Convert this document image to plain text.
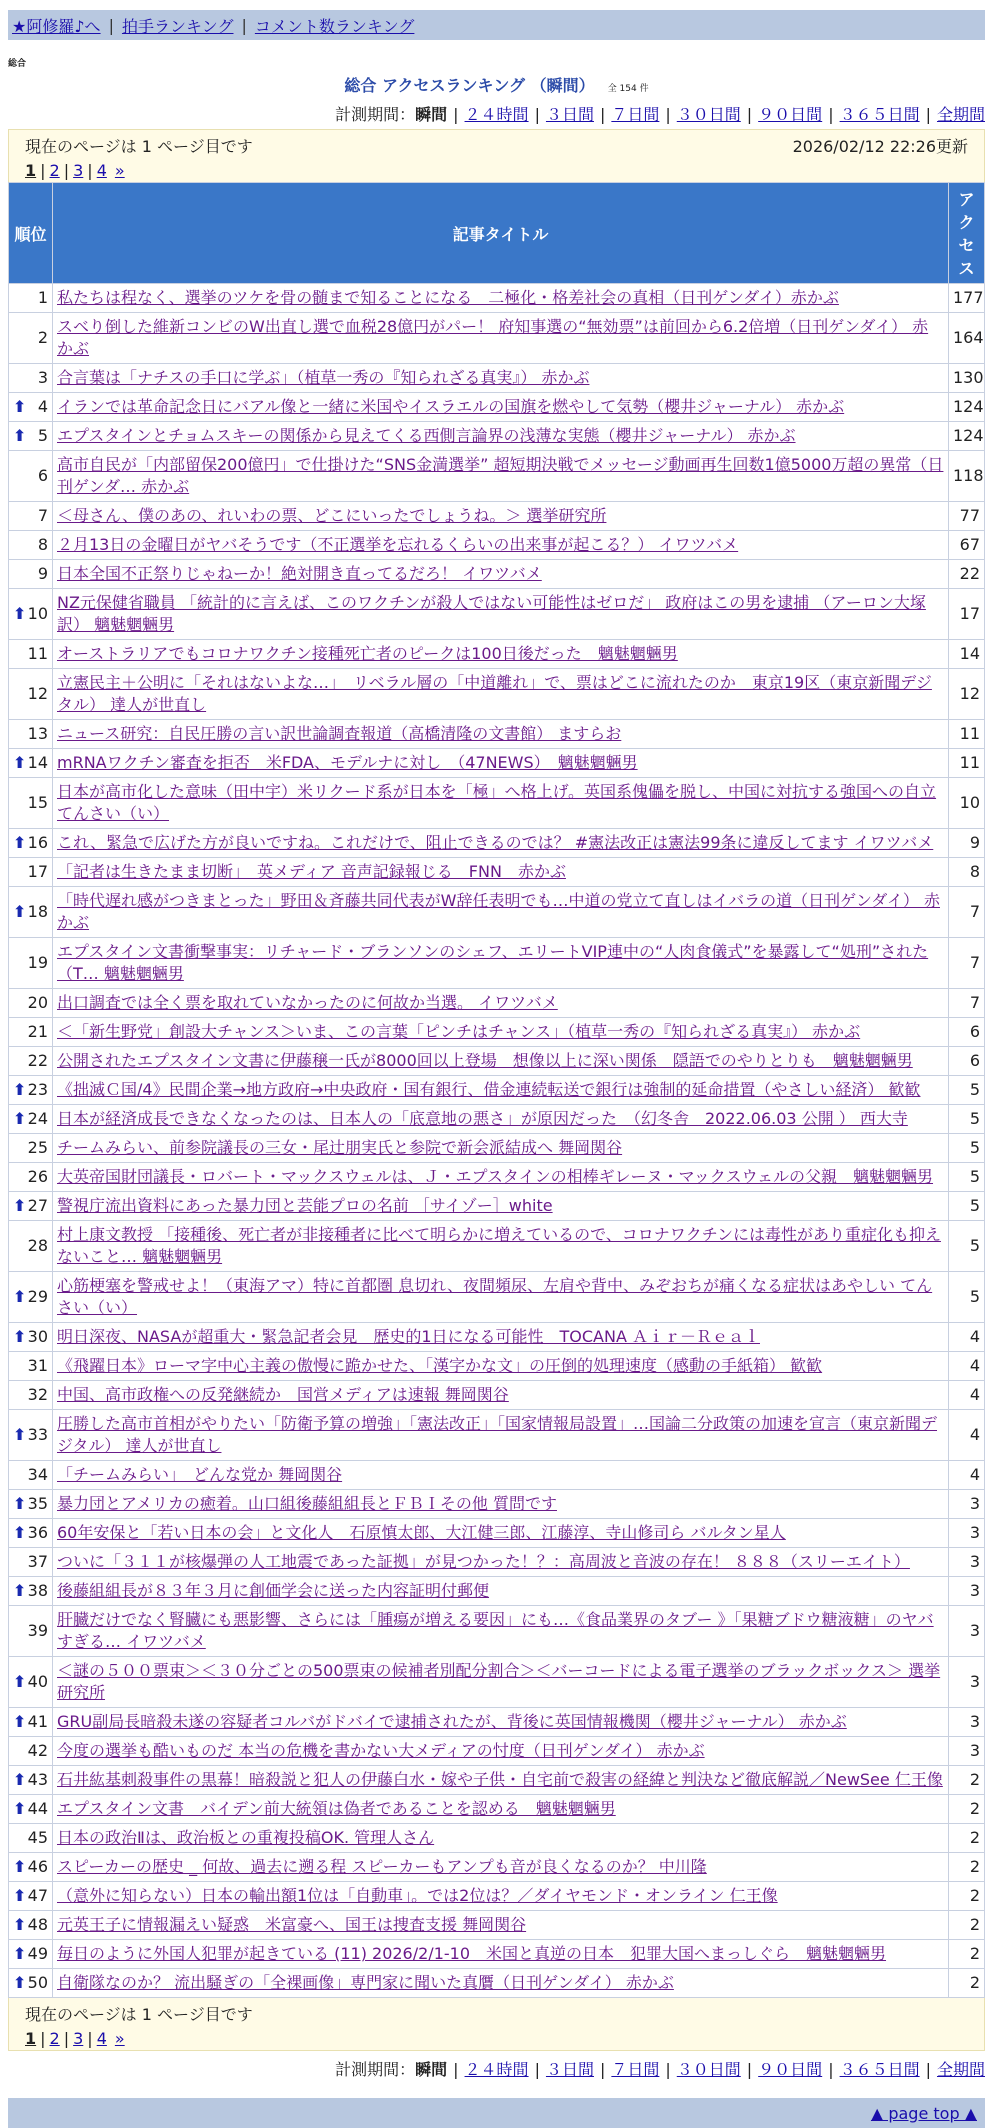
★阿修羅♪へ | 拍手ランキング | コメント数ランキング
総合
総合 アクセスランキング （瞬間） 全 154 件
計測期間：瞬間 | ２４時間 | ３日間 | ７日間 | ３０日間 | ９０日間 | ３６５日間 | 全期間
現在のページは 1 ページ目です	2026/02/12 22:26更新
1 | 2 | 3 | 4 »
順位	記事タイトル	アクセス
1	私たちは程なく、選挙のツケを骨の髄まで知ることになる　二極化・格差社会の真相（日刊ゲンダイ）赤かぶ	177
2	スベり倒した維新コンビのW出直し選で血税28億円がパー！ 府知事選の“無効票”は前回から6.2倍増（日刊ゲンダイ） 赤かぶ	164
3	合言葉は「ナチスの手口に学ぶ」（植草一秀の『知られざる真実』） 赤かぶ	130

⬆ 4	イランでは革命記念日にバアル像と一緒に米国やイスラエルの国旗を燃やして気勢（櫻井ジャーナル） 赤かぶ	124

⬆ 5	エプスタインとチョムスキーの関係から見えてくる西側言論界の浅薄な実態（櫻井ジャーナル） 赤かぶ	124
6	高市自民が「内部留保200億円」で仕掛けた“SNS金満選挙” 超短期決戦でメッセージ動画再生回数1億5000万超の異常（日刊ゲンダ… 赤かぶ	118
7	＜母さん、僕のあの、れいわの票、どこにいったでしょうね。＞ 選挙研究所	77
8	２月13日の金曜日がヤバそうです（不正選挙を忘れるくらいの出来事が起こる？） イワツバメ	67
9	日本全国不正祭りじゃねーか！絶対開き直ってるだろ！ イワツバメ	22

⬆ 10	NZ元保健省職員 「統計的に言えば、このワクチンが殺人ではない可能性はゼロだ」 政府はこの男を逮捕 （アーロン大塚訳） 魑魅魍魎男	17
11	オーストラリアでもコロナワクチン接種死亡者のピークは100日後だった　魑魅魍魎男	14
12	立憲民主＋公明に「それはないよな…」　リベラル層の「中道離れ」で、票はどこに流れたのか　東京19区（東京新聞デジタル） 達人が世直し	12
13	ニュース研究：自民圧勝の言い訳世論調査報道（高橋清隆の文書館） ますらお	11

⬆ 14	mRNAワクチン審査を拒否　米FDA、モデルナに対し　（47NEWS）　魑魅魍魎男	11
15	日本が高市化した意味（田中宇）米リクード系が日本を「極」へ格上げ。英国系傀儡を脱し、中国に対抗する強国への自立てんさい（い）	10

⬆ 16	これ、緊急で広げた方が良いですね。これだけで、阻止できるのでは？ #憲法改正は憲法99条に違反してます イワツバメ	9
17	「記者は生きたまま切断」　英メディア 音声記録報じる　FNN　赤かぶ	8

⬆ 18	「時代遅れ感がつきまとった」野田＆斉藤共同代表がW辞任表明でも…中道の党立て直しはイバラの道（日刊ゲンダイ） 赤かぶ	7
19	エプスタイン文書衝撃事実：リチャード・ブランソンのシェフ、エリートVIP連中の“人肉食儀式”を暴露して“処刑”された（T… 魑魅魍魎男	7
20	出口調査では全く票を取れていなかったのに何故か当選。 イワツバメ	7
21	＜「新生野党」創設大チャンス＞いま、この言葉「ピンチはチャンス」（植草一秀の『知られざる真実』） 赤かぶ	6
22	公開されたエプスタイン文書に伊藤穣一氏が8000回以上登場　想像以上に深い関係　隠語でのやりとりも　魑魅魍魎男	6

⬆ 23	《拙滅Ｃ国/4》民間企業→地方政府→中央政府・国有銀行、借金連続転送で銀行は強制的延命措置（やさしい経済） 歓歓	5

⬆ 24	日本が経済成長できなくなったのは、日本人の「底意地の悪さ」が原因だった　（幻冬舎　2022.06.03 公開 ） 西大寺	5
25	チームみらい、前参院議長の三女・尾辻朋実氏と参院で新会派結成へ 舞岡関谷	5
26	大英帝国財団議長・ロバート・マックスウェルは、Ｊ・エプスタインの相棒ギレーヌ・マックスウェルの父親　魑魅魍魎男	5

⬆ 27	警視庁流出資料にあった暴力団と芸能プロの名前 ［サイゾー］white	5
28	村上康文教授 「接種後、死亡者が非接種者に比べて明らかに増えているので、コロナワクチンには毒性があり重症化も抑えないこと… 魑魅魍魎男	5

⬆ 29	心筋梗塞を警戒せよ！（東海アマ）特に首都圏 息切れ、夜間頻尿、左肩や背中、みぞおちが痛くなる症状はあやしい てんさい（い）	5

⬆ 30	明日深夜、NASAが超重大・緊急記者会見　歴史的1日になる可能性　TOCANA Ａｉｒ－Ｒｅａｌ	4
31	《飛躍日本》ローマ字中心主義の傲慢に跪かせた、「漢字かな文」の圧倒的処理速度（感動の手紙箱） 歓歓	4
32	中国、高市政権への反発継続か　国営メディアは速報 舞岡関谷	4

⬆ 33	圧勝した高市首相がやりたい「防衛予算の増強」「憲法改正」「国家情報局設置」…国論二分政策の加速を宣言（東京新聞デジタル） 達人が世直し	4
34	「チームみらい」　どんな党か 舞岡関谷	4

⬆ 35	暴力団とアメリカの癒着。山口組後藤組組長とＦＢＩその他 質問です	3

⬆ 36	60年安保と「若い日本の会」と文化人　石原慎太郎、大江健三郎、江藤淳、寺山修司ら バルタン星人	3
37	ついに「３１１が核爆弾の人工地震であった証拠」が見つかった！？：高周波と音波の存在！ ８８８（スリーエイト）	3

⬆ 38	後藤組組長が８３年３月に創価学会に送った内容証明付郵便	3
39	肝臓だけでなく腎臓にも悪影響、さらには「腫瘍が増える要因」にも…《食品業界のタブー 》「果糖ブドウ糖液糖」のヤバすぎる… イワツバメ	3

⬆ 40	＜謎の５００票束＞＜３０分ごとの500票束の候補者別配分割合＞＜バーコードによる電子選挙のブラックボックス＞ 選挙研究所	3

⬆ 41	GRU副局長暗殺未遂の容疑者コルバがドバイで逮捕されたが、背後に英国情報機関（櫻井ジャーナル） 赤かぶ	3
42	今度の選挙も酷いものだ 本当の危機を書かない大メディアの忖度（日刊ゲンダイ） 赤かぶ	3

⬆ 43	石井紘基刺殺事件の黒幕！暗殺説と犯人の伊藤白水・嫁や子供・自宅前で殺害の経緯と判決など徹底解説／NewSee 仁王像	2

⬆ 44	エプスタイン文書　バイデン前大統領は偽者であることを認める　魑魅魍魎男	2
45	日本の政治Ⅱは、政治板との重複投稿OK. 管理人さん	2

⬆ 46	スピーカーの歴史 _ 何故、過去に遡る程 スピーカーもアンプも音が良くなるのか？ 中川隆	2

⬆ 47	（意外に知らない）日本の輸出額1位は「自動車」。では2位は？／ダイヤモンド・オンライン 仁王像	2

⬆ 48	元英王子に情報漏えい疑惑　米富豪へ、国王は捜査支援 舞岡関谷	2

⬆ 49	毎日のように外国人犯罪が起きている (11) 2026/2/1-10　米国と真逆の日本　犯罪大国へまっしぐら　魑魅魍魎男	2

⬆ 50	自衛隊なのか？ 流出騒ぎの「全裸画像」専門家に聞いた真贋（日刊ゲンダイ） 赤かぶ	2
現在のページは 1 ページ目です
1 | 2 | 3 | 4 »
計測期間：瞬間 | ２４時間 | ３日間 | ７日間 | ３０日間 | ９０日間 | ３６５日間 | 全期間
▲ page top ▲
